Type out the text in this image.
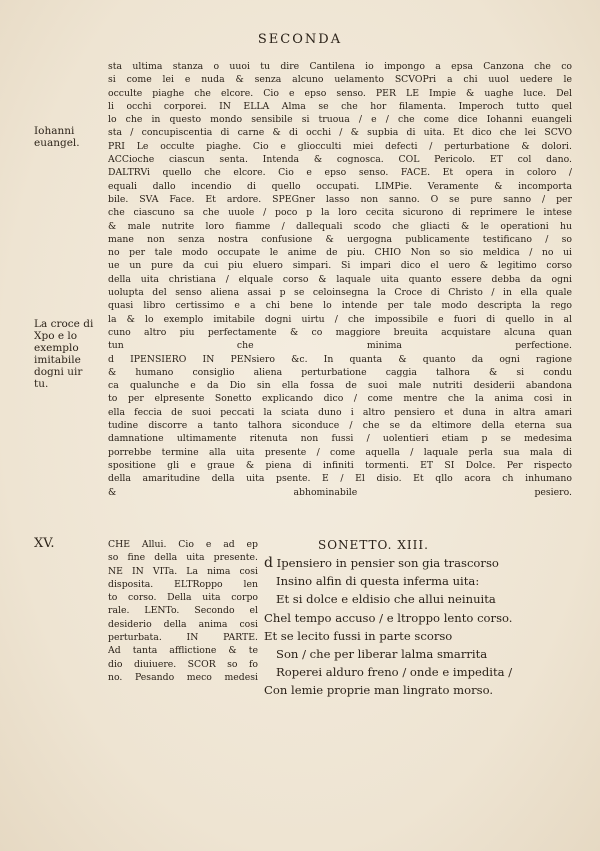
SECONDA
Iohanni
euangel.
La croce di
Xpo e lo
exemplo
imitabile
dogni uir
tu.
XV.
sta ultima stanza o uuoi tu dire Cantilena io impongo a epsa Canzona che co
si come lei e nuda & senza alcuno uelamento SCVOPri a chi uuol uedere le
occulte piaghe che elcore. Cio e epso senso. PER LE Impie & uaghe luce. Del
li occhi corporei. IN ELLA Alma se che hor filamenta. Imperoch tutto quel
lo che in questo mondo sensibile si truoua / e / che come dice Iohanni euangeli
sta / concupiscentia di carne & di occhi / & supbia di uita. Et dico che lei SCVO
PRI Le occulte piaghe. Cio e gliocculti miei defecti / perturbatione & dolori.
ACCioche ciascun senta. Intenda & cognosca. COL Pericolo. ET col dano.
DALTRVi quello che elcore. Cio e epso senso. FACE. Et opera in coloro /
equali dallo incendio di quello occupati. LIMPie. Veramente & incomporta
bile. SVA Face. Et ardore. SPEGner lasso non sanno. O se pure sanno / per
che ciascuno sa che uuole / poco p la loro cecita sicurono di reprimere le intese
& male nutrite loro fiamme / dallequali scodo che gliacti & le operationi hu
mane non senza nostra confusione & uergogna publicamente testificano / so
no per tale modo occupate le anime de piu. CHIO Non so sio meldica / no ui
ue un pure da cui piu eluero simpari. Si impari dico el uero & legitimo corso
della uita christiana / elquale corso & laquale uita quanto essere debba da ogni
uolupta del senso aliena assai p se celoinsegna la Croce di Christo / in ella quale
quasi libro certissimo e a chi bene lo intende per tale modo descripta la rego
la & lo exemplo imitabile dogni uirtu / che impossibile e fuori di quello in al
cuno altro piu perfectamente & co maggiore breuita acquistare alcuna quan
tun che minima perfectione.
d IPENSIERO IN PENsiero &c. In quanta & quanto da ogni ragione
& humano consiglio aliena perturbatione caggia talhora & si condu
ca qualunche e da Dio sin ella fossa de suoi male nutriti desiderii abandona
to per elpresente Sonetto explicando dico / come mentre che la anima cosi in
ella feccia de suoi peccati la sciata duno i altro pensiero et duna in altra amari
tudine discorre a tanto talhora siconduce / che se da eltimore della eterna sua
damnatione ultimamente ritenuta non fussi / uolentieri etiam p se medesima
porrebbe termine alla uita presente / come aquella / laquale perla sua mala di
spositione gli e graue & piena di infiniti tormenti. ET SI Dolce. Per rispecto
della amaritudine della uita psente. E / El disio. Et qllo acora ch inhumano
& abhominabile pesiero.
CHE Allui. Cio e ad ep
so fine della uita presente.
NE IN VITa. La nima cosi
disposita. ELTRoppo len
to corso. Della uita corpo
rale. LENTo. Secondo el
desiderio della anima cosi
perturbata. IN PARTE.
Ad tanta afflictione & te
dio diuiuere. SCOR so fo
no. Pesando meco medesi
SONETTO. XIII.
d Ipensiero in pensier son gia trascorso
Insino alfin di questa infermа uita:
Et si dolce e eldisio che allui neinuita
Chel tempo accuso / e ltroppo lento corso.
Et se lecito fussi in parte scorso
Son / che per liberar lalma smarrita
Roperei alduro freno / onde e impedita /
Con lemie proprie man lingrato morso.
